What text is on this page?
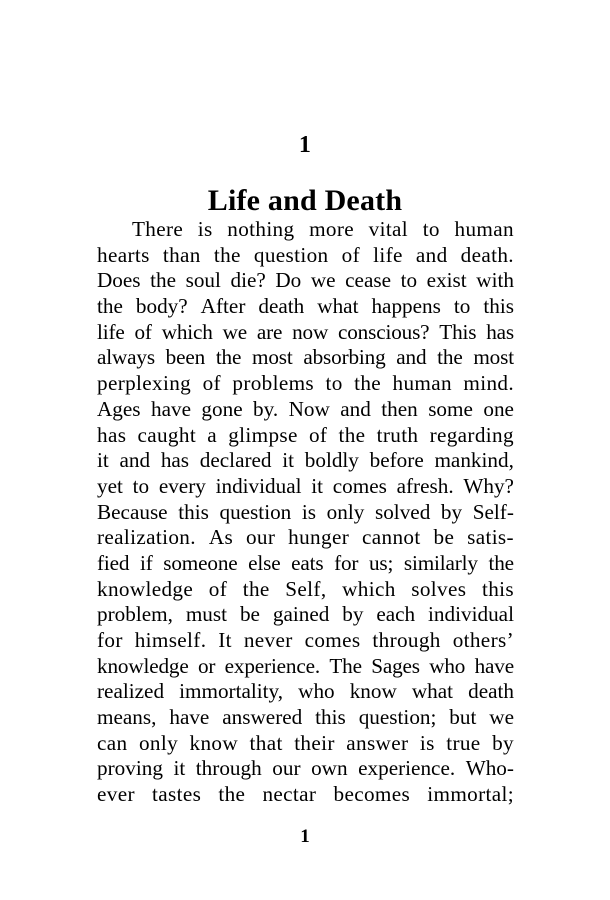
1
Life and Death
There is nothing more vital to human
hearts than the question of life and death.
Does the soul die? Do we cease to exist with
the body? After death what happens to this
life of which we are now conscious? This has
always been the most absorbing and the most
perplexing of problems to the human mind.
Ages have gone by. Now and then some one
has caught a glimpse of the truth regarding
it and has declared it boldly before mankind,
yet to every individual it comes afresh. Why?
Because this question is only solved by Self-
realization. As our hunger cannot be satis-
fied if someone else eats for us; similarly the
knowledge of the Self, which solves this
problem, must be gained by each individual
for himself. It never comes through others’
knowledge or experience. The Sages who have
realized immortality, who know what death
means, have answered this question; but we
can only know that their answer is true by
proving it through our own experience. Who-
ever tastes the nectar becomes immortal;
1
